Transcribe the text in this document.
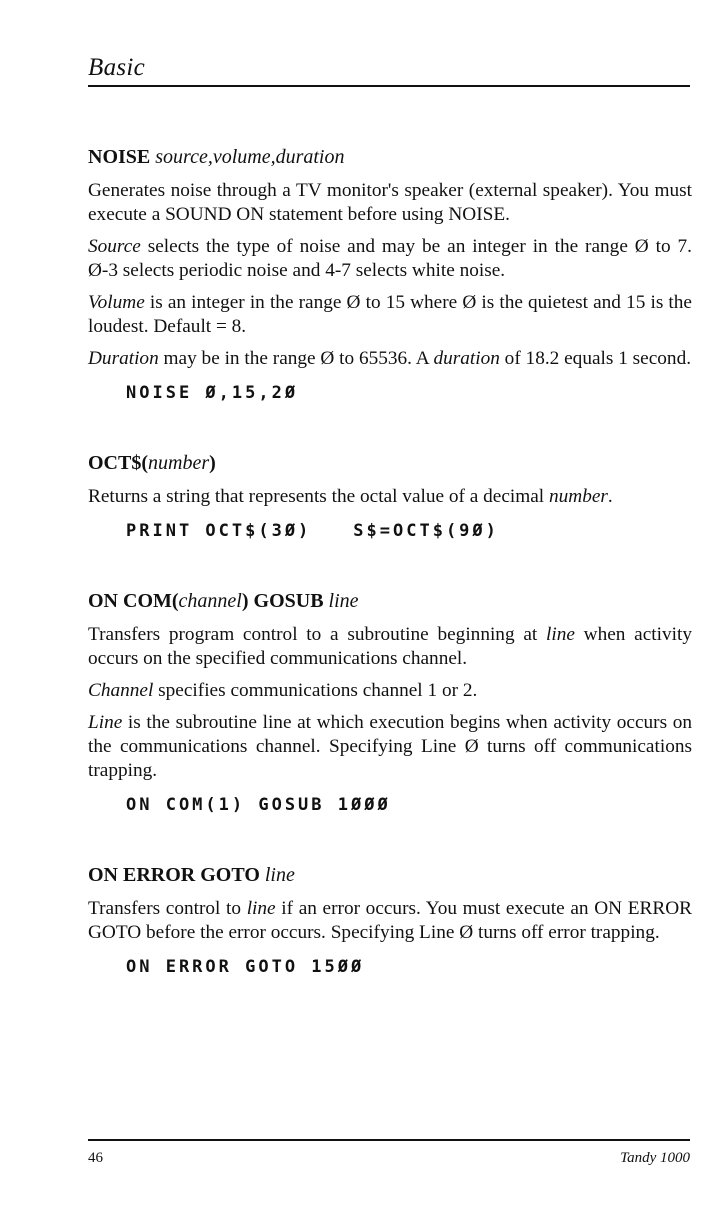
Basic
NOISE source,volume,duration

Generates noise through a TV monitor's speaker (external speaker). You must execute a SOUND ON statement before using NOISE.

Source selects the type of noise and may be an integer in the range Ø to 7. Ø-3 selects periodic noise and 4-7 selects white noise.

Volume is an integer in the range Ø to 15 where Ø is the quietest and 15 is the loudest. Default = 8.

Duration may be in the range Ø to 65536. A duration of 18.2 equals 1 second.

NOISE Ø,15,2Ø
OCT$(number)

Returns a string that represents the octal value of a decimal number.

PRINT OCT$(3Ø) S$=OCT$(9Ø)
ON COM(channel) GOSUB line

Transfers program control to a subroutine beginning at line when activity occurs on the specified communications channel.

Channel specifies communications channel 1 or 2.

Line is the subroutine line at which execution begins when activity occurs on the communications channel. Specifying Line Ø turns off communications trapping.

ON COM(1) GOSUB 1ØØØ
ON ERROR GOTO line

Transfers control to line if an error occurs. You must execute an ON ERROR GOTO before the error occurs. Specifying Line Ø turns off error trapping.

ON ERROR GOTO 15ØØ
46	Tandy 1000
